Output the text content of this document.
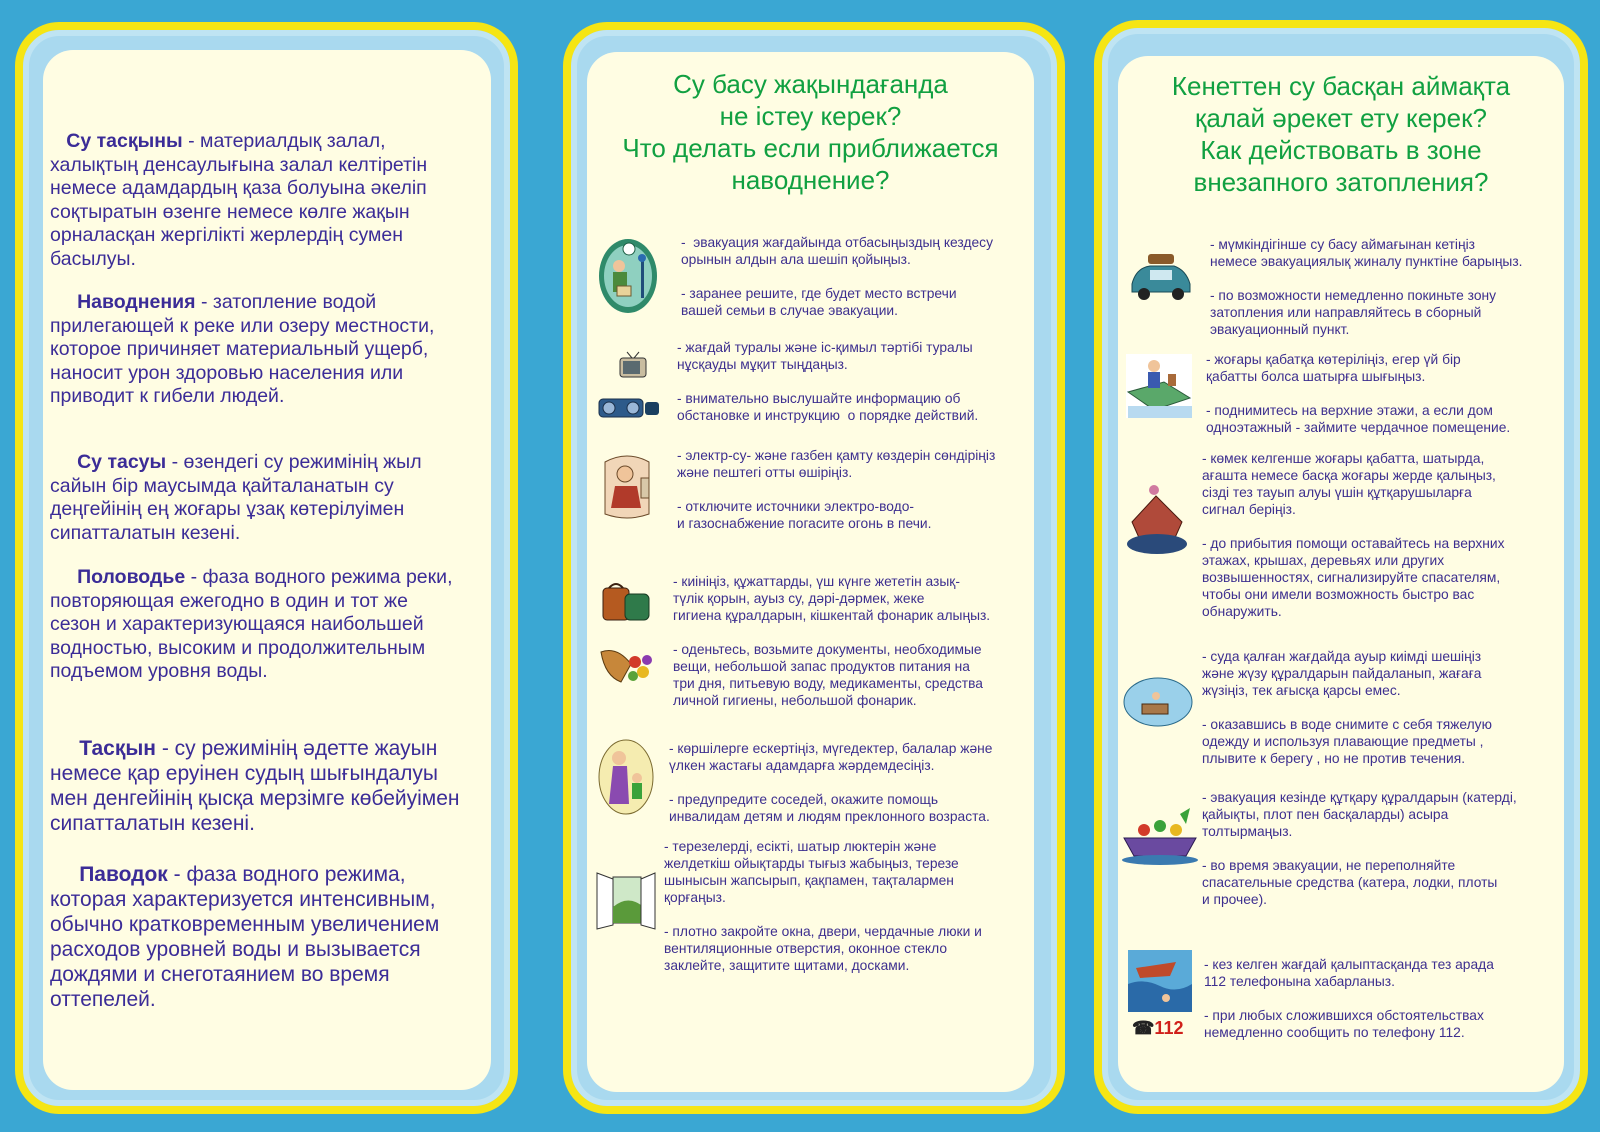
Су тасқыны - материалдық залал,
халықтың денсаулығына залал келтіретін
немесе адамдардың қаза болуына әкеліп
соқтыратын өзенге немесе көлге жақын
орналасқан жергілікті жерлердің сумен
басылуы.
Наводнения - затопление водой
прилегающей к реке или озеру местности,
которое причиняет материальный ущерб,
наносит урон здоровью населения или
приводит к гибели людей.
Су тасуы - өзендегі су режимінің жыл
сайын бір маусымда қайталанатын су
деңгейінің ең жоғары ұзақ көтерілуімен
сипатталатын кезені.
Половодье - фаза водного режима реки,
повторяющая ежегодно в один и тот же
сезон и характеризующаяся наибольшей
водностью, высоким и продолжительным
подъемом уровня воды.
Тасқын - су режимінің әдетте жауын
немесе қар еруінен судың шығындалуы
мен денгейінің қысқа мерзімге көбейуімен
сипатталатын кезені.
Паводок - фаза водного режима,
которая характеризуется интенсивным,
обычно кратковременным увеличением
расходов уровней воды и вызывается
дождями и снеготаянием во время
оттепелей.
Су басу жақындағанда
не істеу керек?
Что делать если приближается
наводнение?

-  эвакуация жағдайында отбасыңыздың кездесу
орынын алдын ала шешіп қойыңыз.

- заранее решите, где будет место встречи
вашей семьи в случае эвакуации.

- жағдай туралы және іс-қимыл тәртібі туралы
нұсқауды мұқит тыңдаңыз.

- внимательно выслушайте информацию об
обстановке и инструкцию  о порядке действий.

- электр-су- және газбен қамту көздерін сөндіріңіз
және пештегі отты өшіріңіз.

- отключите источники электро-водо-
и газоснабжение погасите огонь в печи.

- киініңіз, құжаттарды, үш күнге жететін азық-
түлік қорын, ауыз су, дәрі-дәрмек, жеке
гигиена құралдарын, кішкентай фонарик алыңыз.

- оденьтесь, возьмите документы, необходимые
вещи, небольшой запас продуктов питания на
три дня, питьевую воду, медикаменты, средства
личной гигиены, небольшой фонарик.

- көршілерге ескертіңіз, мүгедектер, балалар және
үлкен жастағы адамдарға жәрдемдесіңіз.

- предупредите соседей, окажите помощь
инвалидам детям и людям преклонного возраста.

- терезелерді, есікті, шатыр люктерін және
желдеткіш ойықтарды тығыз жабыңыз, терезе
шынысын жапсырып, қақпамен, тақталармен
қорғаңыз.

- плотно закройте окна, двери, чердачные люки и
вентиляционные отверстия, оконное стекло
заклейте, защитите щитами, досками.

Кенеттен су басқан аймақта
қалай әрекет ету керек?
Как действовать в зоне
внезапного затопления?

- мүмкіндігінше су басу аймағынан кетіңіз
немесе эвакуациялық жиналу пунктіне барыңыз.

- по возможности немедленно покиньте зону
затопления или направляйтесь в сборный
эвакуационный пункт.

- жоғары қабатқа көтеріліңіз, егер үй бір
қабатты болса шатырға шығыңыз.

- поднимитесь на верхние этажи, а если дом
одноэтажный - займите чердачное помещение.

- көмек келгенше жоғары қабатта, шатырда,
ағашта немесе басқа жоғары жерде қалыңыз,
сізді тез тауып алуы үшін құтқарушыларға
сигнал беріңіз.

- до прибытия помощи оставайтесь на верхних
этажах, крышах, деревьях или других
возвышенностях, сигнализируйте спасателям,
чтобы они имели возможность быстро вас
обнаружить.

- суда қалған жағдайда ауыр киімді шешіңіз
және жүзу құралдарын пайдаланып, жағаға
жүзіңіз, тек ағысқа қарсы емес.

- оказавшись в воде снимите с себя тяжелую
одежду и используя плавающие предметы ,
плывите к берегу , но не против течения.

- эвакуация кезінде құтқару құралдарын (катерді,
қайықты, плот пен басқаларды) асыра
толтырмаңыз.

- во время эвакуации, не переполняйте
спасательные средства (катера, лодки, плоты
и прочее).

☎112

- кез келген жағдай қалыптасқанда тез арада
112 телефонына хабарланыз.

- при любых сложившихся обстоятельствах
немедленно сообщить по телефону 112.
